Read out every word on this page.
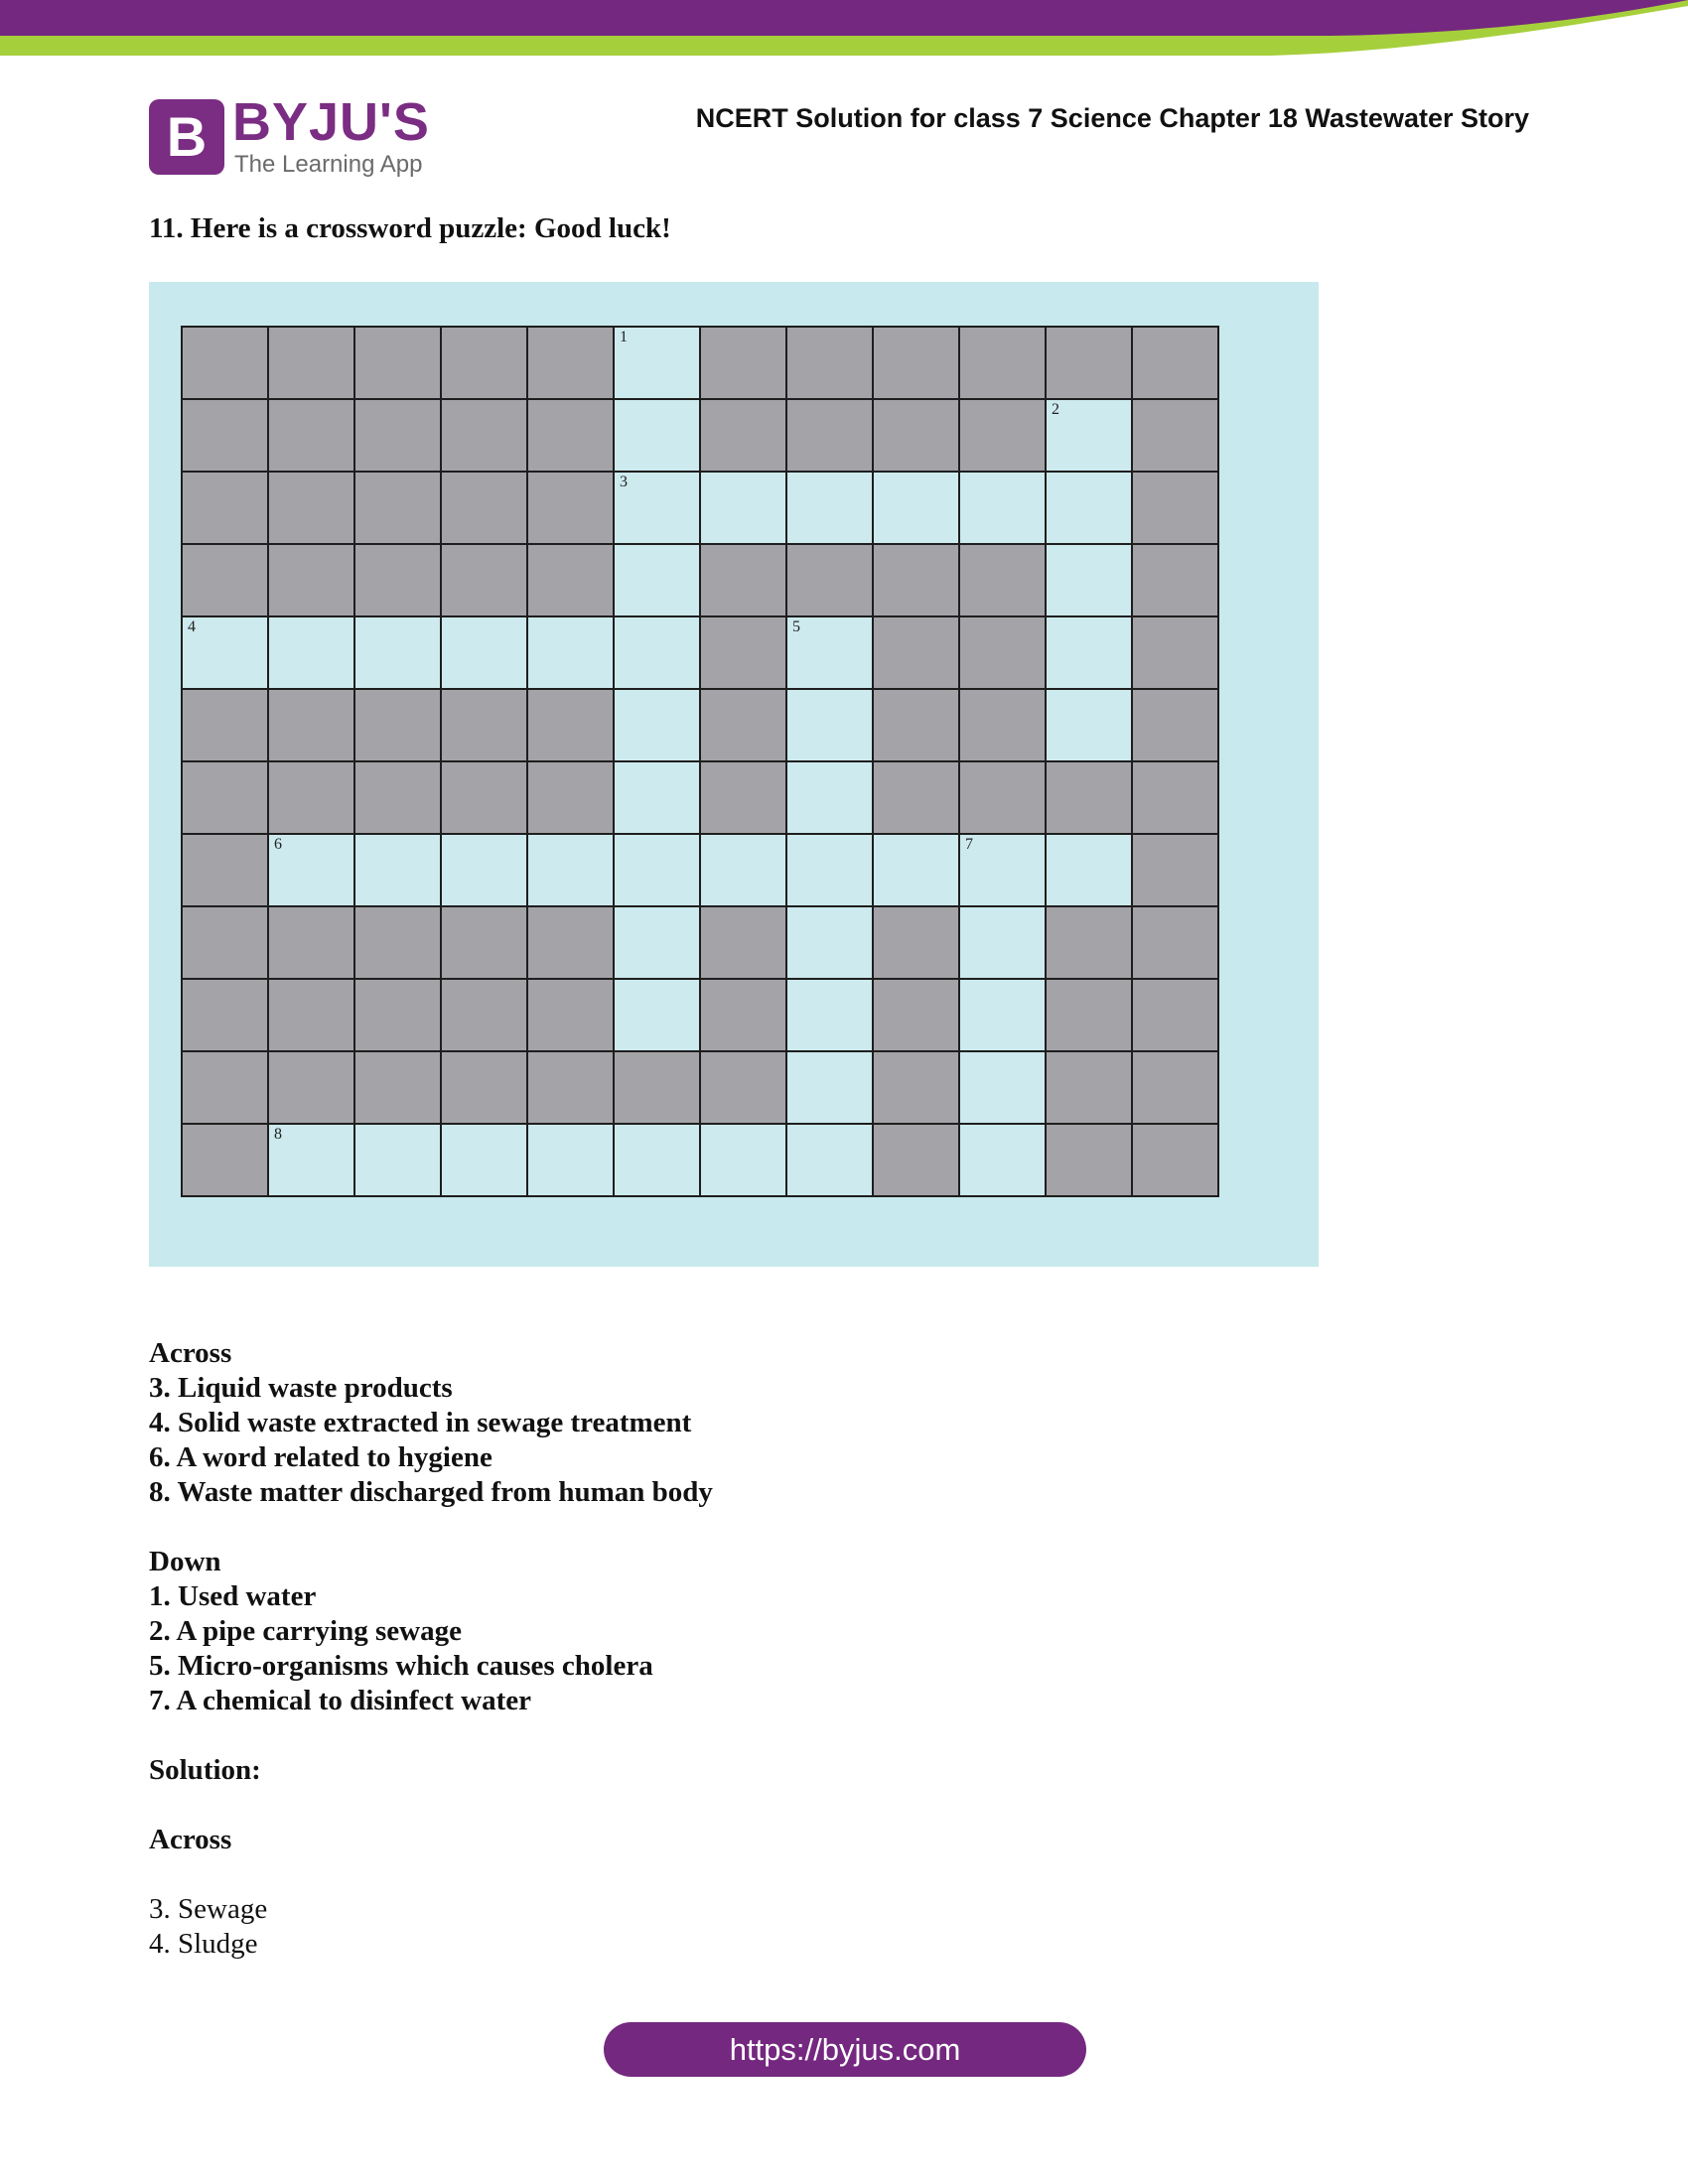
B BYJU'S
The Learning App
NCERT Solution for class 7 Science Chapter 18 Wastewater Story
11. Here is a crossword puzzle: Good luck!
1
2
3
4	5
6	7
8
Across
3. Liquid waste products
4. Solid waste extracted in sewage treatment
6. A word related to hygiene
8. Waste matter discharged from human body
Down
1. Used water
2. A pipe carrying sewage
5. Micro-organisms which causes cholera
7. A chemical to disinfect water
Solution:
Across
3. Sewage
4. Sludge
https://byjus.com
